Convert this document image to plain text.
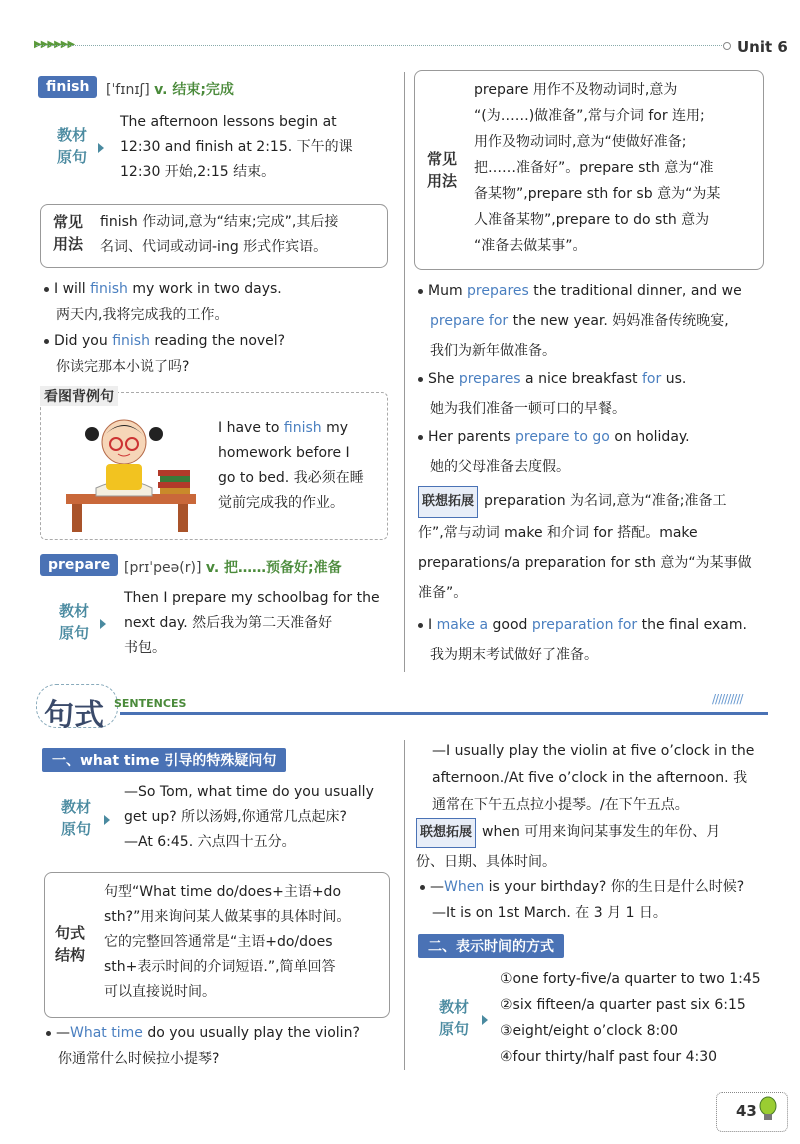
▶▶▶▶▶▶	Unit 6
finish	[ˈfɪnɪʃ] v. 结束;完成
教材
原句
The afternoon lessons begin at
12:30 and finish at 2:15. 下午的课
12:30 开始,2:15 结束。
常见
用法
finish 作动词,意为“结束;完成”,其后接
名词、代词或动词-ing 形式作宾语。
I will finish my work in two days.
两天内,我将完成我的工作。
Did you finish reading the novel?
你读完那本小说了吗?
看图背例句
I have to finish my
homework before I
go to bed. 我必须在睡
觉前完成我的作业。
prepare [prɪˈpeə(r)] v. 把……预备好;准备
教材
原句
Then I prepare my schoolbag for the
next day. 然后我为第二天准备好
书包。
常见
用法
prepare 用作不及物动词时,意为
“(为……)做准备”,常与介词 for 连用;
用作及物动词时,意为“使做好准备;
把……准备好”。prepare sth 意为“准
备某物”,prepare sth for sb 意为“为某
人准备某物”,prepare to do sth 意为
“准备去做某事”。
Mum prepares the traditional dinner, and we
prepare for the new year. 妈妈准备传统晚宴,
我们为新年做准备。
She prepares a nice breakfast for us.
她为我们准备一顿可口的早餐。
Her parents prepare to go on holiday.
她的父母准备去度假。
联想拓展 preparation 为名词,意为“准备;准备工
作”,常与动词 make 和介词 for 搭配。make
preparations/a preparation for sth 意为“为某事做
准备”。
I make a good preparation for the final exam.
我为期末考试做好了准备。
句式 SENTENCES	//////////
一、what time 引导的特殊疑问句
教材
原句
—So Tom, what time do you usually
get up? 所以汤姆,你通常几点起床?
—At 6:45. 六点四十五分。
句式
结构
句型“What time do/does+主语+do
sth?”用来询问某人做某事的具体时间。
它的完整回答通常是“主语+do/does
sth+表示时间的介词短语.”,简单回答
可以直接说时间。
—What time do you usually play the violin?
你通常什么时候拉小提琴?
—I usually play the violin at five o’clock in the
afternoon./At five o’clock in the afternoon. 我
通常在下午五点拉小提琴。/在下午五点。
联想拓展 when 可用来询问某事发生的年份、月
份、日期、具体时间。
—When is your birthday? 你的生日是什么时候?
—It is on 1st March. 在 3 月 1 日。
二、表示时间的方式
教材
原句
①one forty-five/a quarter to two 1:45
②six fifteen/a quarter past six 6:15
③eight/eight o’clock 8:00
④four thirty/half past four 4:30
43
